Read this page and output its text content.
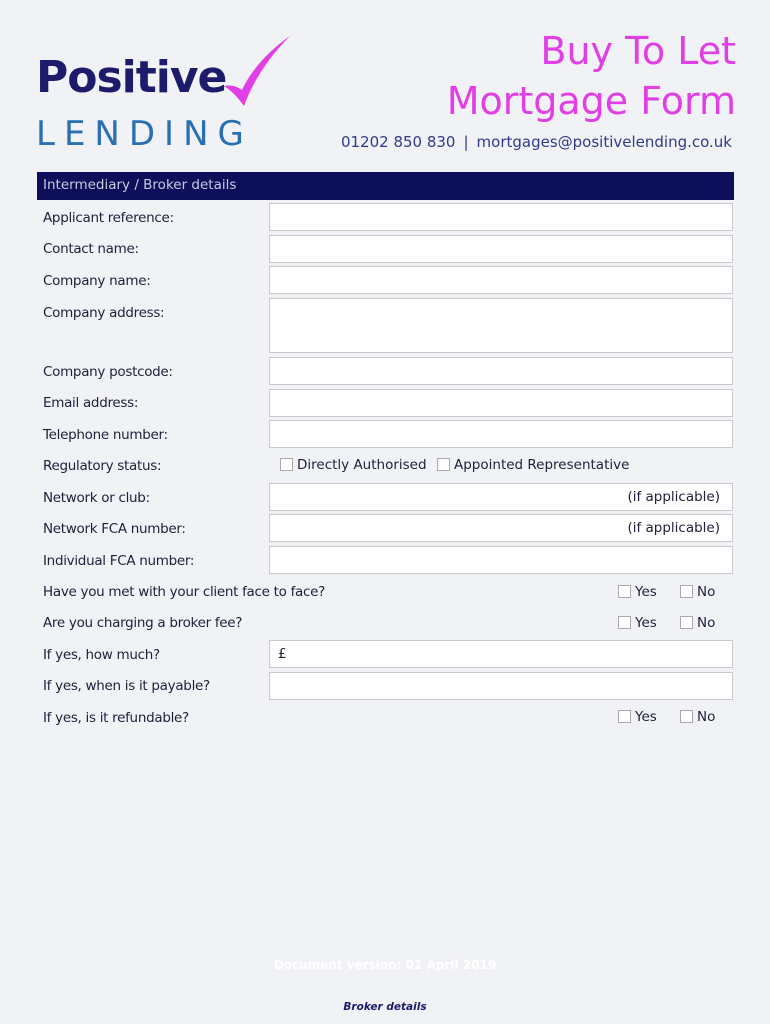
Positive
LENDING
Buy To Let
Mortgage Form
01202 850 830 | mortgages@positivelending.co.uk
Intermediary / Broker details
Applicant reference:
Contact name:
Company name:
Company address:
Company postcode:
Email address:
Telephone number:
Regulatory status:	Directly Authorised	Appointed Representative
Network or club:	(if applicable)
Network FCA number:	(if applicable)
Individual FCA number:
Have you met with your client face to face?	Yes	No
Are you charging a broker fee?	Yes	No
If yes, how much?	£
If yes, when is it payable?
If yes, is it refundable?	Yes	No
Document version: 01 April 2019
Broker details
